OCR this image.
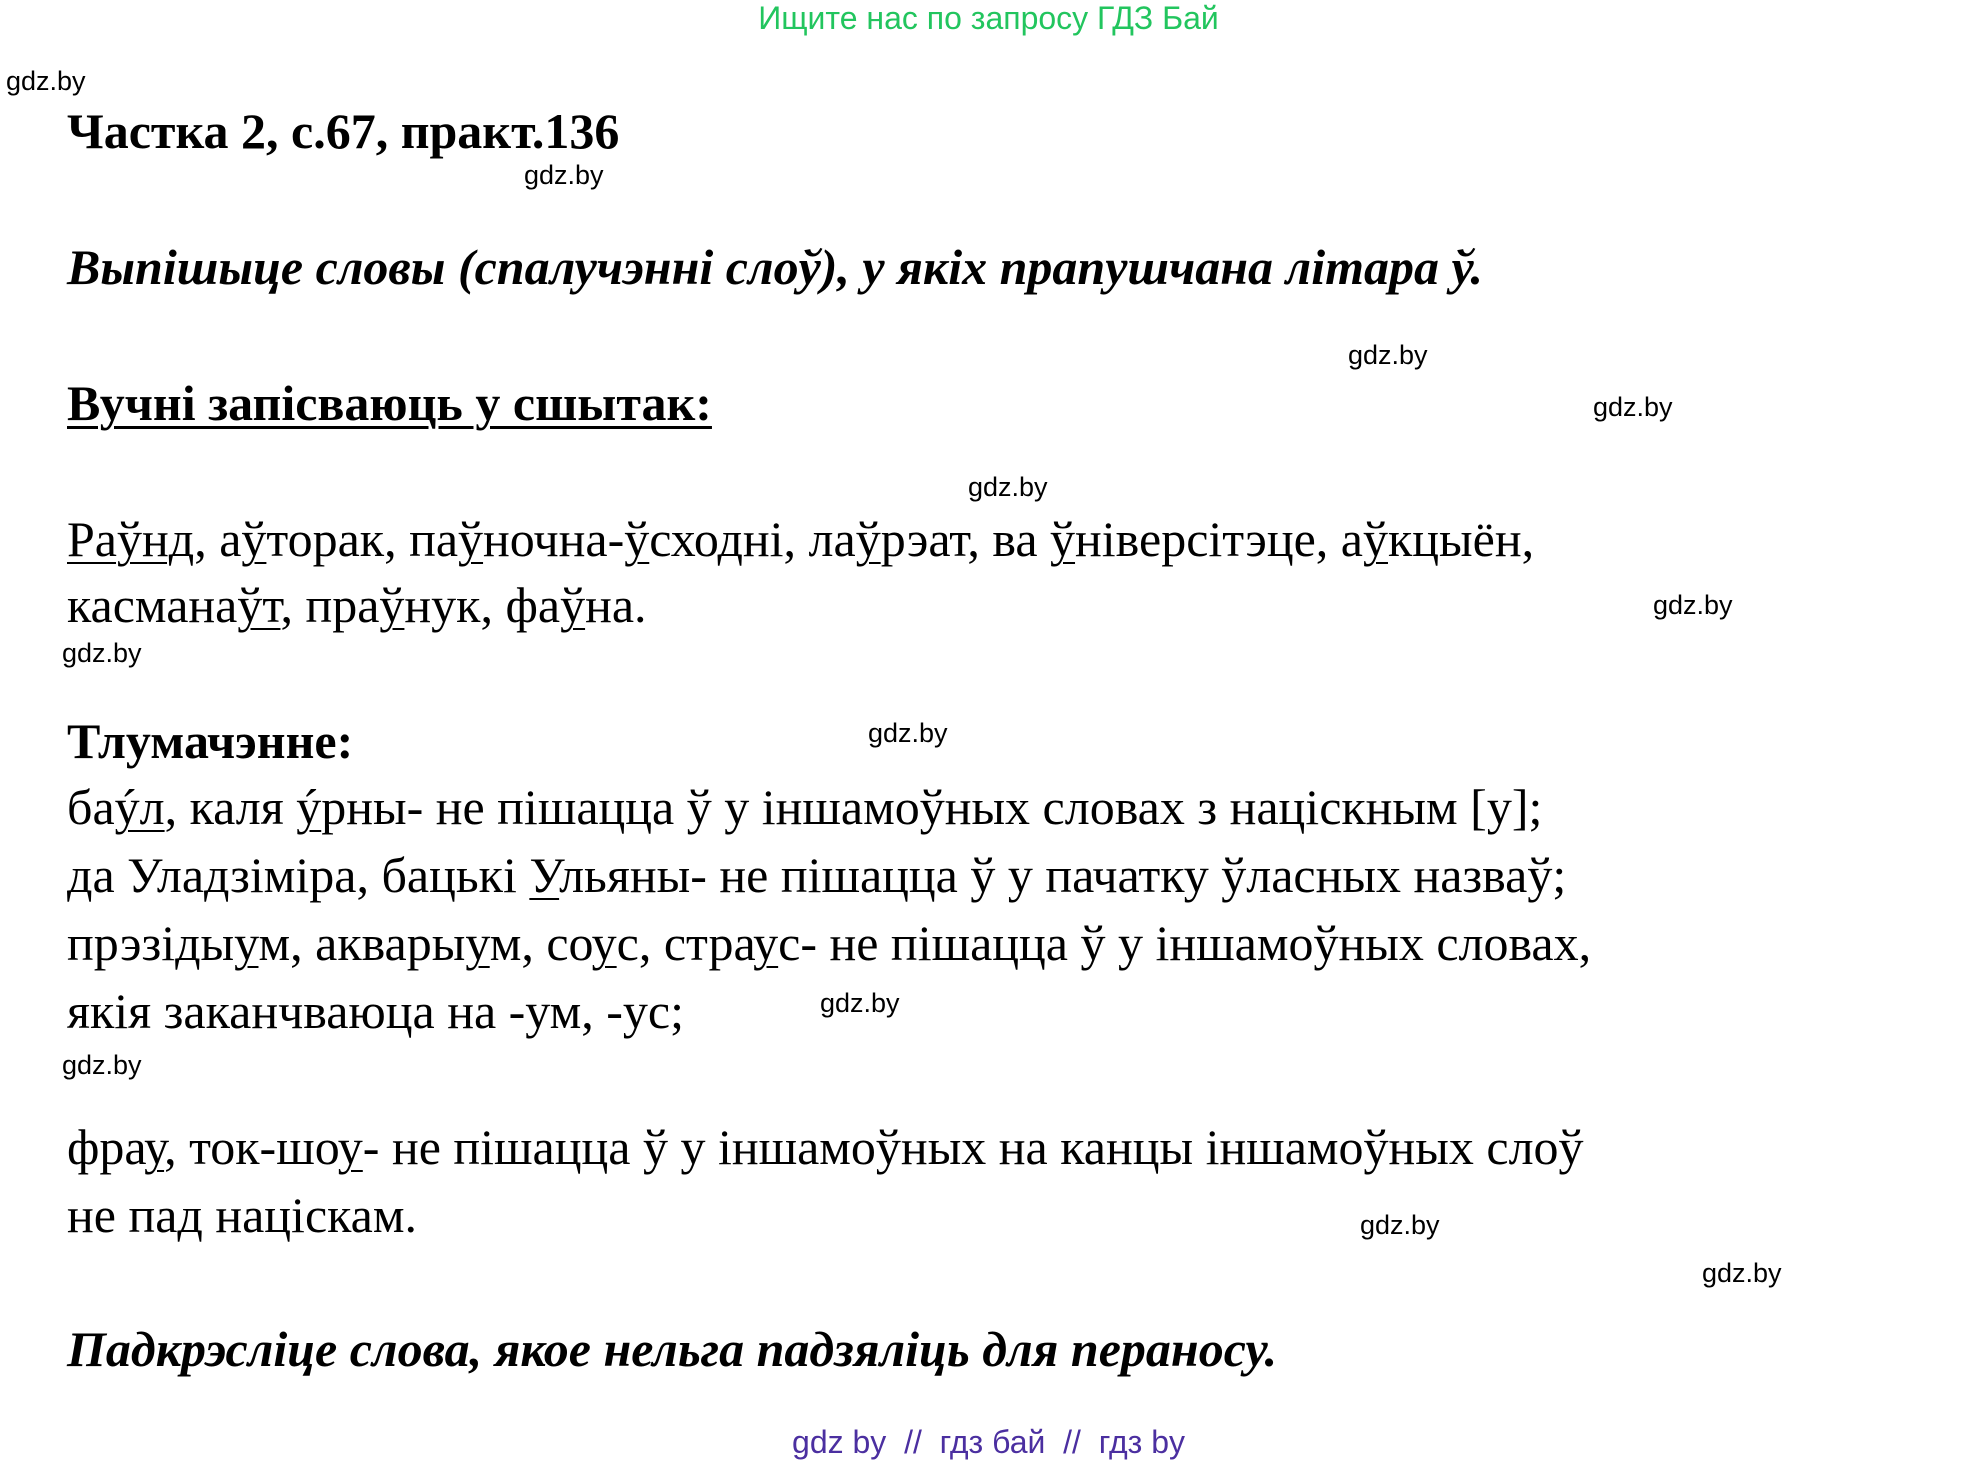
Ищите нас по запросу ГДЗ Бай
Частка 2, с.67, практ.136
Выпішыце словы (спалучэнні слоў), у якіх прапушчана літара ў.
Вучні запісваюць у сшытак:
Раўнд, аўторак, паўночна-ўсходні, лаўрэат, ва ўніверсітэце, аўкцыён,
касманаўт, праўнук, фаўна.
Тлумачэнне:
баýл, каля ýрны- не пішацца ў у іншамоўных словах з націскным [у];
да Уладзіміра, бацькі Ульяны- не пішацца ў у пачатку ўласных назваў;
прэзідыум, акварыум, соус, страус- не пішацца ў у іншамоўных словах,
якія заканчваюца на -ум, -ус;
фрау, ток-шоу- не пішацца ў у іншамоўных на канцы іншамоўных слоў
не пад націскам.
Падкрэсліце слова, якое нельга падзяліць для пераносу.
gdz.by
gdz.by
gdz.by
gdz.by
gdz.by
gdz.by
gdz.by
gdz.by
gdz.by
gdz.by
gdz.by
gdz.by
gdz by  //  гдз бай  //  гдз by
